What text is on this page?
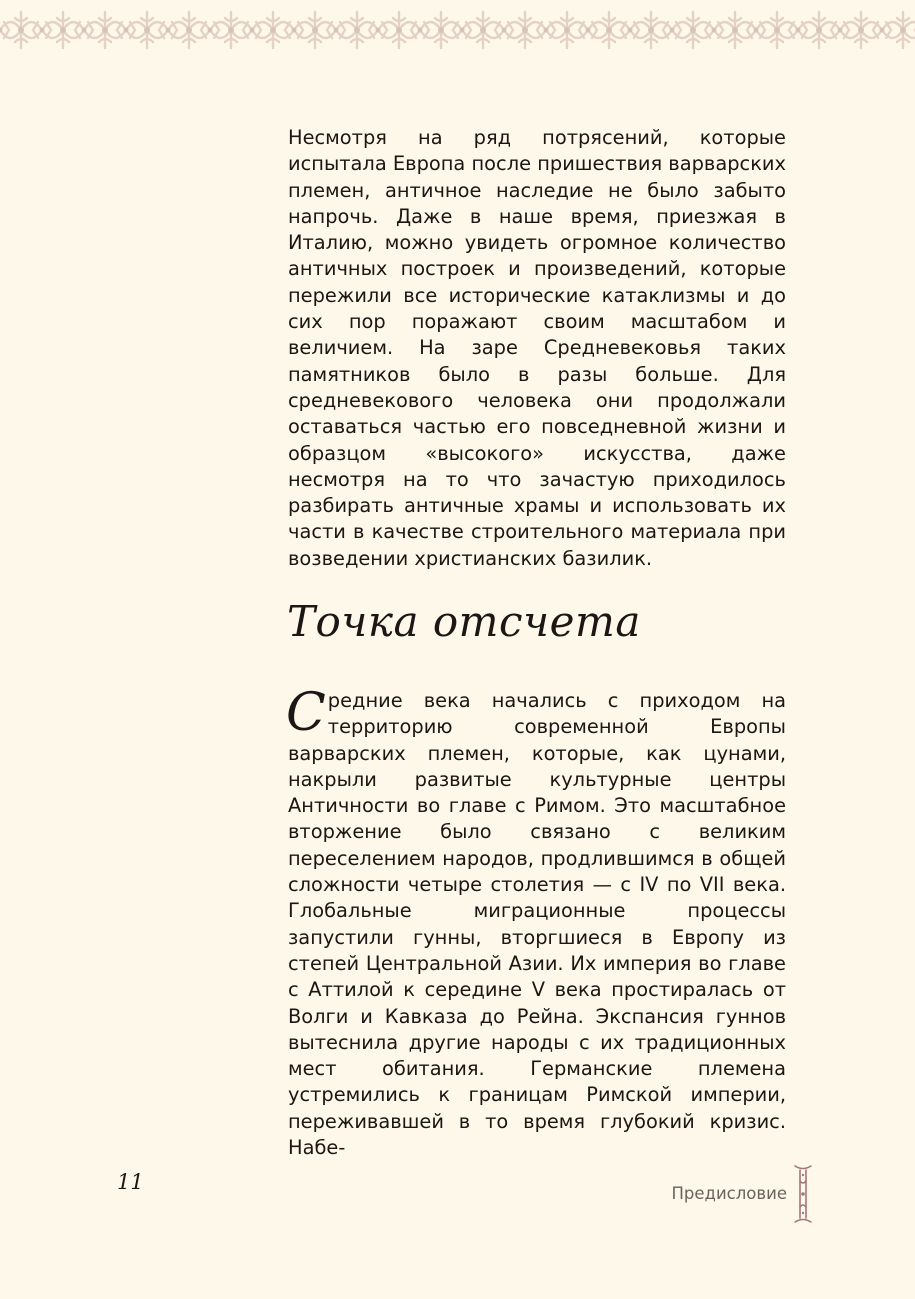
Несмотря на ряд потрясений, которые испытала Европа после пришествия варварских племен, античное наследие не было забыто напрочь. Даже в наше время, приезжая в Италию, можно увидеть огромное количество античных построек и произведений, которые пережили все исторические катаклизмы и до сих пор поражают своим масштабом и величием. На заре Средневековья таких памятников было в разы больше. Для средневекового человека они продолжали оставаться частью его повседневной жизни и образцом «высокого» искусства, даже несмотря на то что зачастую приходилось разбирать античные храмы и использовать их части в качестве строительного материала при возведении христианских базилик.

Точка отсчета

Средние века начались с приходом на территорию современной Европы варварских племен, которые, как цунами, накрыли развитые культурные центры Античности во главе с Римом. Это масштабное вторжение было связано с великим переселением народов, продлившимся в общей сложности четыре столетия — с IV по VII века. Глобальные миграционные процессы запустили гунны, вторгшиеся в Европу из степей Центральной Азии. Их империя во главе с Аттилой к середине V века простиралась от Волги и Кавказа до Рейна. Экспансия гуннов вытеснила другие народы с их традиционных мест обитания. Германские племена устремились к границам Римской империи, переживавшей в то время глубокий кризис. Набе-

11	Предисловие
